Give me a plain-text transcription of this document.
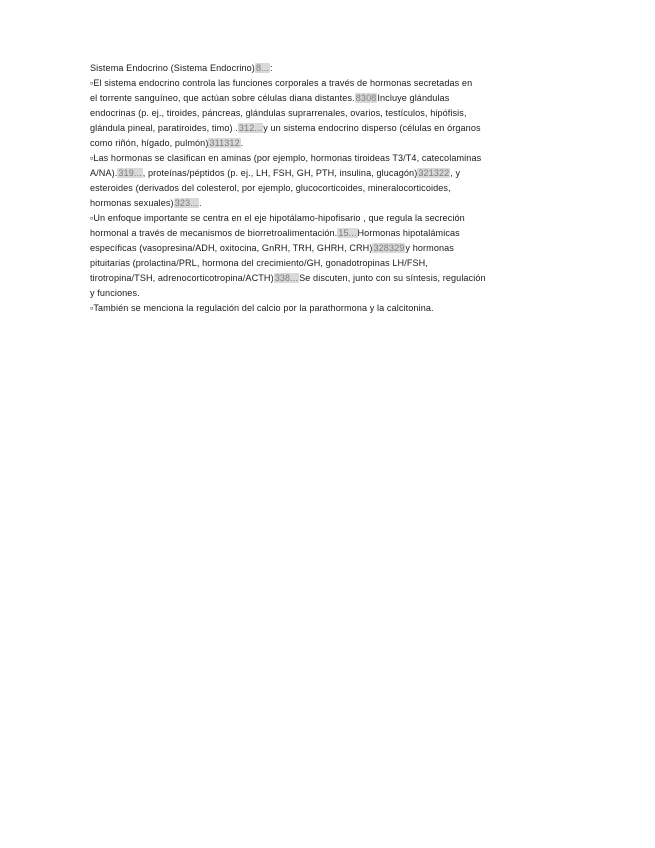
Sistema Endocrino (Sistema Endocrino)8...:
▫El sistema endocrino controla las funciones corporales a través de hormonas secretadas en
el torrente sanguíneo, que actúan sobre células diana distantes.8308Incluye glándulas
endocrinas (p. ej., tiroides, páncreas, glándulas suprarrenales, ovarios, testículos, hipófisis,
glándula pineal, paratiroides, timo) .312...y un sistema endocrino disperso (células en órganos
como riñón, hígado, pulmón)311312.
▫Las hormonas se clasifican en aminas (por ejemplo, hormonas tiroideas T3/T4, catecolaminas
A/NA).319..., proteínas/péptidos (p. ej., LH, FSH, GH, PTH, insulina, glucagón)321322, y
esteroides (derivados del colesterol, por ejemplo, glucocorticoides, mineralocorticoides,
hormonas sexuales)323....
▫Un enfoque importante se centra en el eje hipotálamo-hipofisario , que regula la secreción
hormonal a través de mecanismos de biorretroalimentación.15...Hormonas hipotalámicas
específicas (vasopresina/ADH, oxitocina, GnRH, TRH, GHRH, CRH)328329y hormonas
pituitarias (prolactina/PRL, hormona del crecimiento/GH, gonadotropinas LH/FSH,
tirotropina/TSH, adrenocorticotropina/ACTH)338...Se discuten, junto con su síntesis, regulación
y funciones.
▫También se menciona la regulación del calcio por la parathormona y la calcitonina.
